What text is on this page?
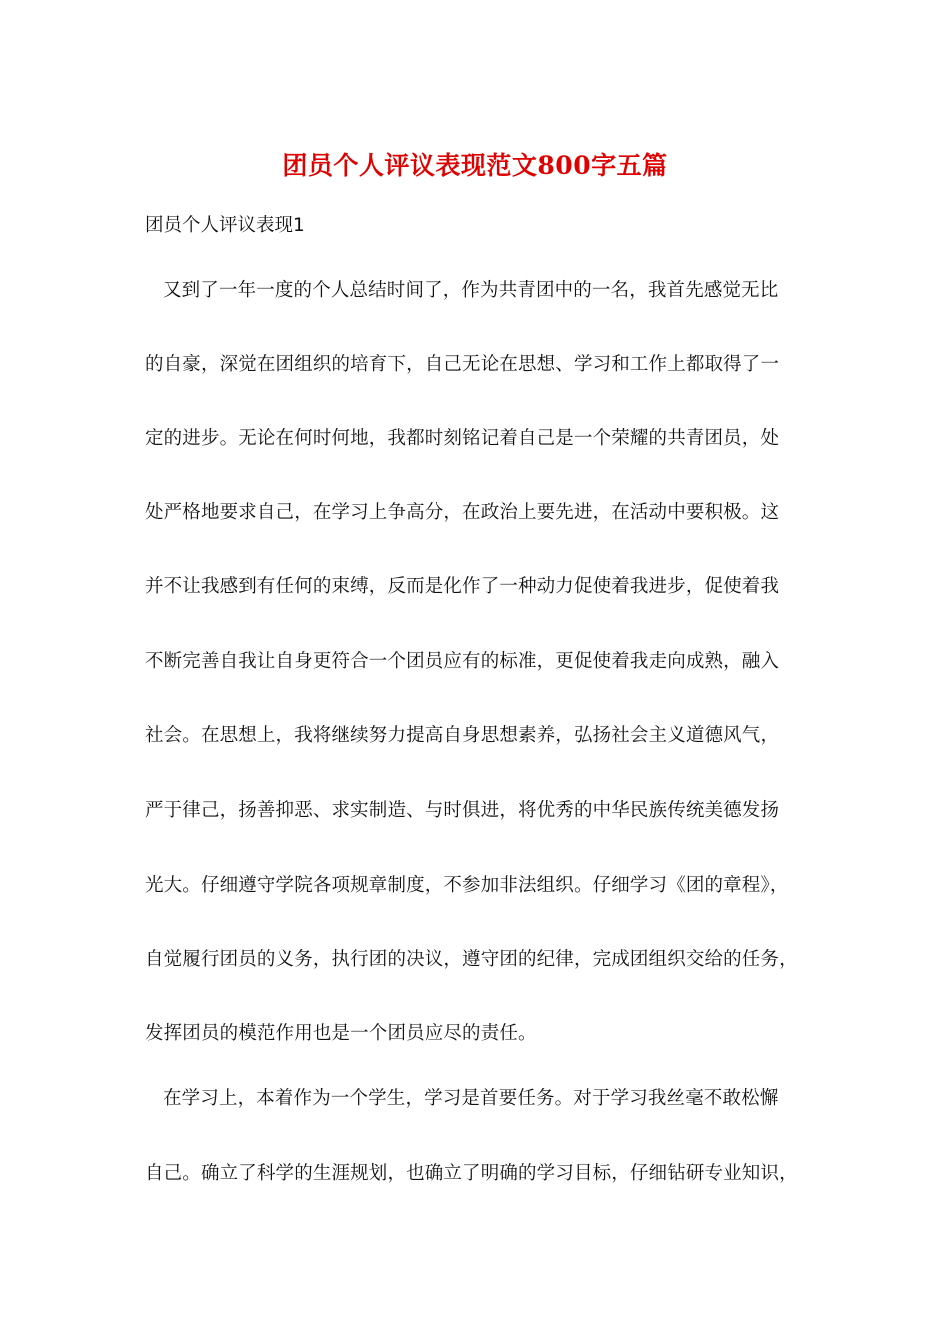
团员个人评议表现范文800字五篇
团员个人评议表现1
又到了一年一度的个人总结时间了，作为共青团中的一名，我首先感觉无比
的自豪，深觉在团组织的培育下，自己无论在思想、学习和工作上都取得了一
定的进步。无论在何时何地，我都时刻铭记着自己是一个荣耀的共青团员，处
处严格地要求自己，在学习上争高分，在政治上要先进，在活动中要积极。这
并不让我感到有任何的束缚，反而是化作了一种动力促使着我进步，促使着我
不断完善自我让自身更符合一个团员应有的标准，更促使着我走向成熟，融入
社会。在思想上，我将继续努力提高自身思想素养，弘扬社会主义道德风气，
严于律己，扬善抑恶、求实制造、与时俱进，将优秀的中华民族传统美德发扬
光大。仔细遵守学院各项规章制度，不参加非法组织。仔细学习《团的章程》，
自觉履行团员的义务，执行团的决议，遵守团的纪律，完成团组织交给的任务，
发挥团员的模范作用也是一个团员应尽的责任。
在学习上，本着作为一个学生，学习是首要任务。对于学习我丝毫不敢松懈
自己。确立了科学的生涯规划，也确立了明确的学习目标，仔细钻研专业知识，
